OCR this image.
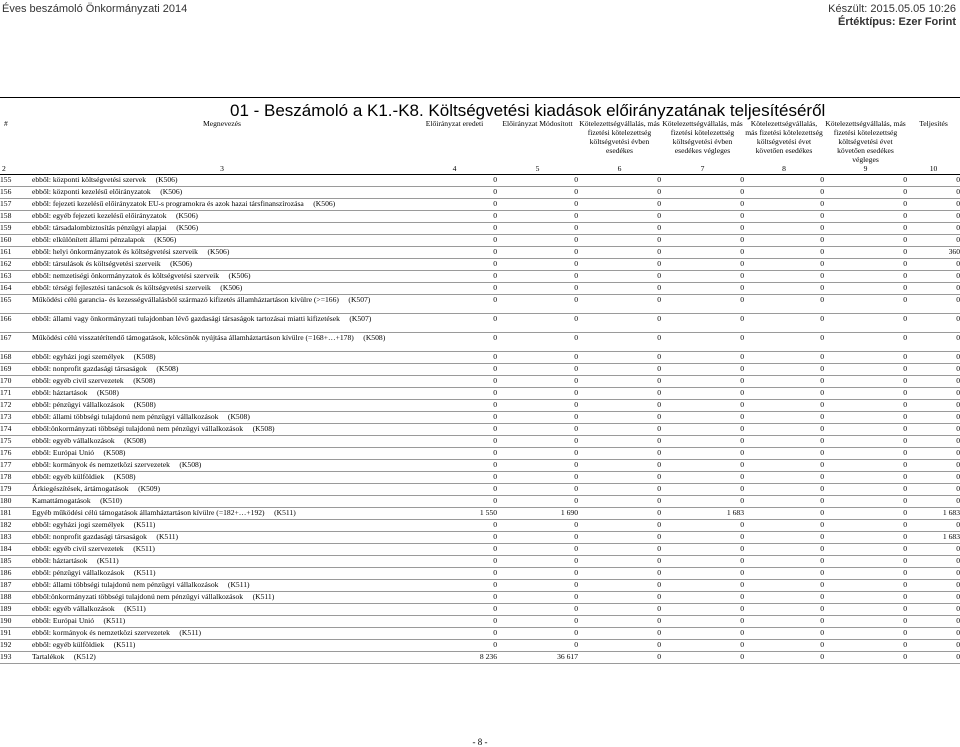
Éves beszámoló Önkormányzati 2014	Készült: 2015.05.05 10:26
Értéktípus: Ezer Forint
01 - Beszámoló a K1.-K8. Költségvetési kiadások előirányzatának teljesítéséről
#	Megnevezés	Előirányzat eredeti	Előirányzat Módosított	Kötelezettségvállalás, más fizetési kötelezettség költségvetési évben esedékes	Kötelezettségvállalás, más fizetési kötelezettség költségvetési évben esedékes végleges	Kötelezettségvállalás, más fizetési kötelezettség költségvetési évet követően esedékes	Kötelezettségvállalás, más fizetési kötelezettség költségvetési évet követően esedékes végleges	Teljesítés
2	3	4	5	6	7	8	9	10
155	ebből: központi költségvetési szervek     (K506)	0	0	0	0	0	0	0
156	ebből: központi kezelésű előirányzatok     (K506)	0	0	0	0	0	0	0
157	ebből: fejezeti kezelésű előirányzatok EU-s programokra és azok hazai társfinanszírozása     (K506)	0	0	0	0	0	0	0
158	ebből: egyéb fejezeti kezelésű előirányzatok     (K506)	0	0	0	0	0	0	0
159	ebből: társadalombiztosítás pénzügyi alapjai     (K506)	0	0	0	0	0	0	0
160	ebből: elkülönített állami pénzalapok     (K506)	0	0	0	0	0	0	0
161	ebből: helyi önkormányzatok és költségvetési szerveik     (K506)	0	0	0	0	0	0	360
162	ebből: társulások és költségvetési szerveik     (K506)	0	0	0	0	0	0	0
163	ebből: nemzetiségi önkormányzatok és költségvetési szerveik     (K506)	0	0	0	0	0	0	0
164	ebből: térségi fejlesztési tanácsok és költségvetési szerveik     (K506)	0	0	0	0	0	0	0
165	Működési célú garancia- és kezességvállalásból származó kifizetés államháztartáson kívülre (>=166)     (K507)	0	0	0	0	0	0	0
166	ebből: állami vagy önkormányzati tulajdonban lévő gazdasági társaságok tartozásai miatti kifizetések     (K507)	0	0	0	0	0	0	0
167	Működési célú visszatérítendő támogatások, kölcsönök nyújtása államháztartáson kívülre (=168+…+178)     (K508)	0	0	0	0	0	0	0
168	ebből: egyházi jogi személyek     (K508)	0	0	0	0	0	0	0
169	ebből: nonprofit gazdasági társaságok     (K508)	0	0	0	0	0	0	0
170	ebből: egyéb civil szervezetek     (K508)	0	0	0	0	0	0	0
171	ebből: háztartások     (K508)	0	0	0	0	0	0	0
172	ebből: pénzügyi vállalkozások     (K508)	0	0	0	0	0	0	0
173	ebből: állami többségi tulajdonú nem pénzügyi vállalkozások     (K508)	0	0	0	0	0	0	0
174	ebből:önkormányzati többségi tulajdonú nem pénzügyi vállalkozások     (K508)	0	0	0	0	0	0	0
175	ebből: egyéb vállalkozások     (K508)	0	0	0	0	0	0	0
176	ebből: Európai Unió     (K508)	0	0	0	0	0	0	0
177	ebből: kormányok és nemzetközi szervezetek     (K508)	0	0	0	0	0	0	0
178	ebből: egyéb külföldiek     (K508)	0	0	0	0	0	0	0
179	Árkiegészítések, ártámogatások     (K509)	0	0	0	0	0	0	0
180	Kamattámogatások     (K510)	0	0	0	0	0	0	0
181	Egyéb működési célú támogatások államháztartáson kívülre (=182+…+192)     (K511)	1 550	1 690	0	1 683	0	0	1 683
182	ebből: egyházi jogi személyek     (K511)	0	0	0	0	0	0	0
183	ebből: nonprofit gazdasági társaságok     (K511)	0	0	0	0	0	0	1 683
184	ebből: egyéb civil szervezetek     (K511)	0	0	0	0	0	0	0
185	ebből: háztartások     (K511)	0	0	0	0	0	0	0
186	ebből: pénzügyi vállalkozások     (K511)	0	0	0	0	0	0	0
187	ebből: állami többségi tulajdonú nem pénzügyi vállalkozások     (K511)	0	0	0	0	0	0	0
188	ebből:önkormányzati többségi tulajdonú nem pénzügyi vállalkozások     (K511)	0	0	0	0	0	0	0
189	ebből: egyéb vállalkozások     (K511)	0	0	0	0	0	0	0
190	ebből: Európai Unió     (K511)	0	0	0	0	0	0	0
191	ebből: kormányok és nemzetközi szervezetek     (K511)	0	0	0	0	0	0	0
192	ebből: egyéb külföldiek     (K511)	0	0	0	0	0	0	0
193	Tartalékok     (K512)	8 236	36 617	0	0	0	0	0
- 8 -
